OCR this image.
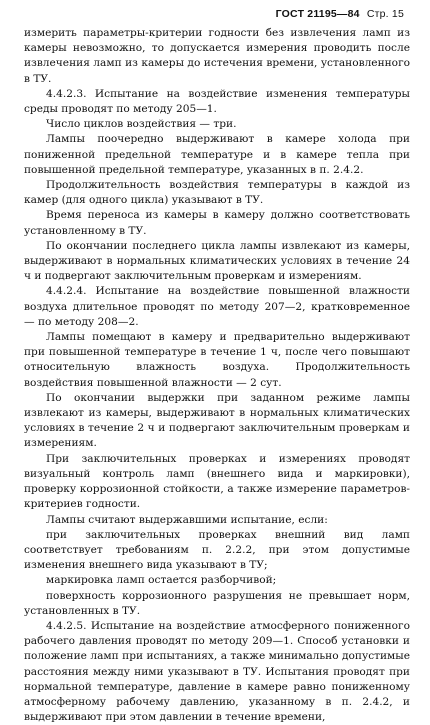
ГОСТ 21195—84 Стр. 15

измерить параметры-критерии годности без извлечения ламп из камеры невозможно, то допускается измерения проводить после извлечения ламп из камеры до истечения времени, установленного в ТУ.

4.4.2.3. Испытание на воздействие изменения температуры среды проводят по методу 205—1.

Число циклов воздействия — три.

Лампы поочередно выдерживают в камере холода при пониженной предельной температуре и в камере тепла при повышенной предельной температуре, указанных в п. 2.4.2.

Продолжительность воздействия температуры в каждой из камер (для одного цикла) указывают в ТУ.

Время переноса из камеры в камеру должно соответствовать установленному в ТУ.

По окончании последнего цикла лампы извлекают из камеры, выдерживают в нормальных климатических условиях в течение 24 ч и подвергают заключительным проверкам и измерениям.

4.4.2.4. Испытание на воздействие повышенной влажности воздуха длительное проводят по методу 207—2, кратковременное — по методу 208—2.

Лампы помещают в камеру и предварительно выдерживают при повышенной температуре в течение 1 ч, после чего повышают относительную влажность воздуха. Продолжительность воздействия повышенной влажности — 2 сут.

По окончании выдержки при заданном режиме лампы извлекают из камеры, выдерживают в нормальных климатических условиях в течение 2 ч и подвергают заключительным проверкам и измерениям.

При заключительных проверках и измерениях проводят визуальный контроль ламп (внешнего вида и маркировки), проверку коррозионной стойкости, а также измерение параметров-критериев годности.

Лампы считают выдержавшими испытание, если:

при заключительных проверках внешний вид ламп соответствует требованиям п. 2.2.2, при этом допустимые изменения внешнего вида указывают в ТУ;

маркировка ламп остается разборчивой;

поверхность коррозионного разрушения не превышает норм, установленных в ТУ.

4.4.2.5. Испытание на воздействие атмосферного пониженного рабочего давления проводят по методу 209—1. Способ установки и положение ламп при испытаниях, а также минимально допустимые расстояния между ними указывают в ТУ. Испытания проводят при нормальной температуре, давление в камере равно пониженному атмосферному рабочему давлению, указанному в п. 2.4.2, и выдерживают при этом давлении в течение времени,
